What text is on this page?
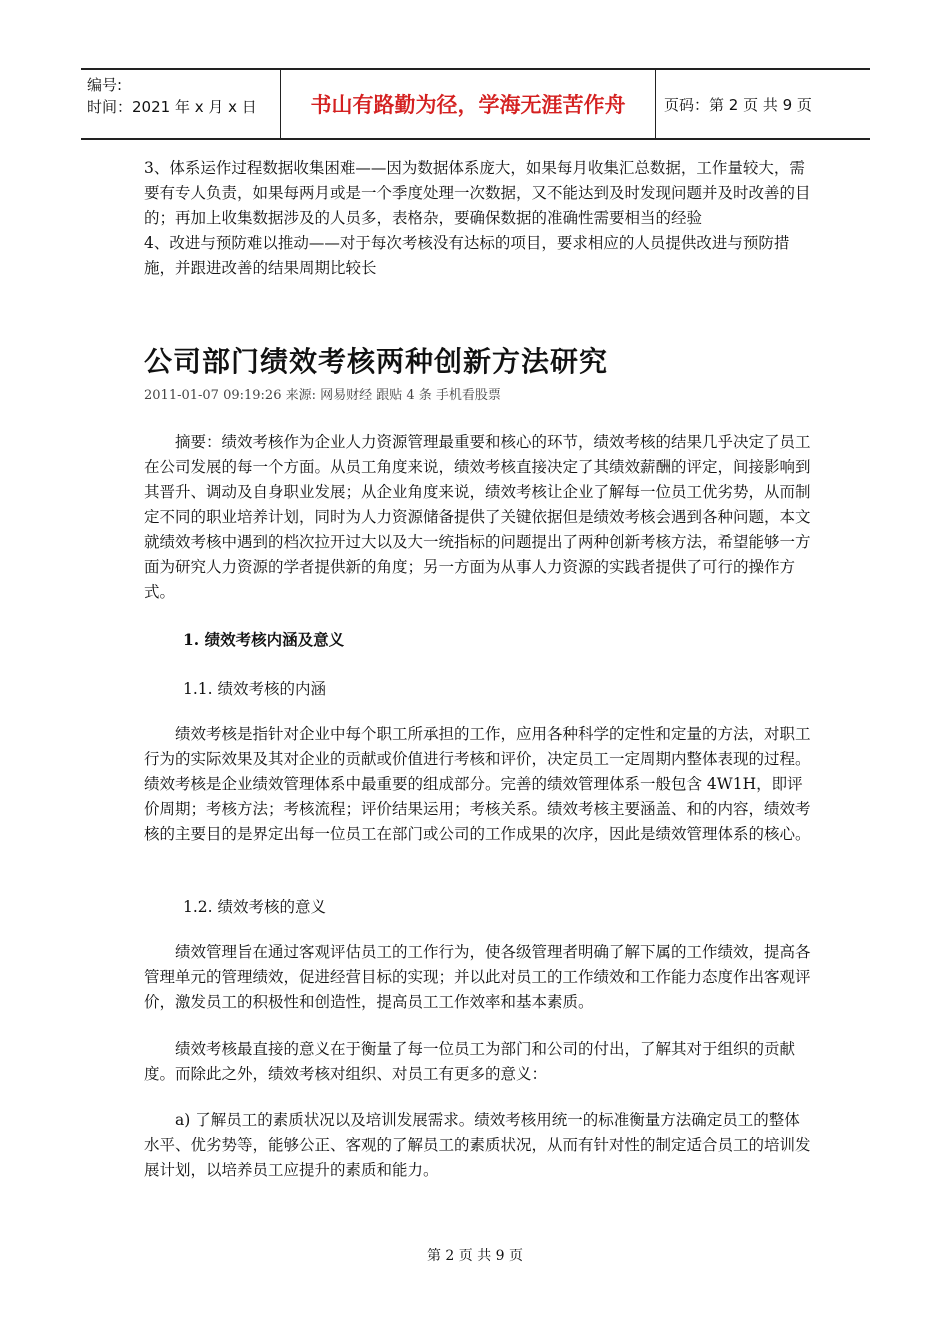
编号:
时间：2021 年 x 月 x 日	书山有路勤为径，学海无涯苦作舟	页码：第 2 页 共 9 页

3、体系运作过程数据收集困难——因为数据体系庞大，如果每月收集汇总数据，工作量较大，需要有专人负责，如果每两月或是一个季度处理一次数据，又不能达到及时发现问题并及时改善的目的；再加上收集数据涉及的人员多，表格杂，要确保数据的准确性需要相当的经验

4、改进与预防难以推动——对于每次考核没有达标的项目，要求相应的人员提供改进与预防措施，并跟进改善的结果周期比较长

公司部门绩效考核两种创新方法研究
2011-01-07 09:19:26 来源: 网易财经 跟贴 4 条 手机看股票

摘要：绩效考核作为企业人力资源管理最重要和核心的环节，绩效考核的结果几乎决定了员工在公司发展的每一个方面。从员工角度来说，绩效考核直接决定了其绩效薪酬的评定，间接影响到其晋升、调动及自身职业发展；从企业角度来说，绩效考核让企业了解每一位员工优劣势，从而制定不同的职业培养计划，同时为人力资源储备提供了关键依据但是绩效考核会遇到各种问题，本文就绩效考核中遇到的档次拉开过大以及大一统指标的问题提出了两种创新考核方法，希望能够一方面为研究人力资源的学者提供新的角度；另一方面为从事人力资源的实践者提供了可行的操作方式。

1. 绩效考核内涵及意义
1.1. 绩效考核的内涵

绩效考核是指针对企业中每个职工所承担的工作，应用各种科学的定性和定量的方法，对职工行为的实际效果及其对企业的贡献或价值进行考核和评价，决定员工一定周期内整体表现的过程。绩效考核是企业绩效管理体系中最重要的组成部分。完善的绩效管理体系一般包含 4W1H，即评价周期；考核方法；考核流程；评价结果运用；考核关系。绩效考核主要涵盖、和的内容，绩效考核的主要目的是界定出每一位员工在部门或公司的工作成果的次序，因此是绩效管理体系的核心。

1.2. 绩效考核的意义

绩效管理旨在通过客观评估员工的工作行为，使各级管理者明确了解下属的工作绩效，提高各管理单元的管理绩效，促进经营目标的实现；并以此对员工的工作绩效和工作能力态度作出客观评价，激发员工的积极性和创造性，提高员工工作效率和基本素质。

绩效考核最直接的意义在于衡量了每一位员工为部门和公司的付出，了解其对于组织的贡献度。而除此之外，绩效考核对组织、对员工有更多的意义：

a) 了解员工的素质状况以及培训发展需求。绩效考核用统一的标准衡量方法确定员工的整体水平、优劣势等，能够公正、客观的了解员工的素质状况，从而有针对性的制定适合员工的培训发展计划，以培养员工应提升的素质和能力。

第 2 页 共 9 页
